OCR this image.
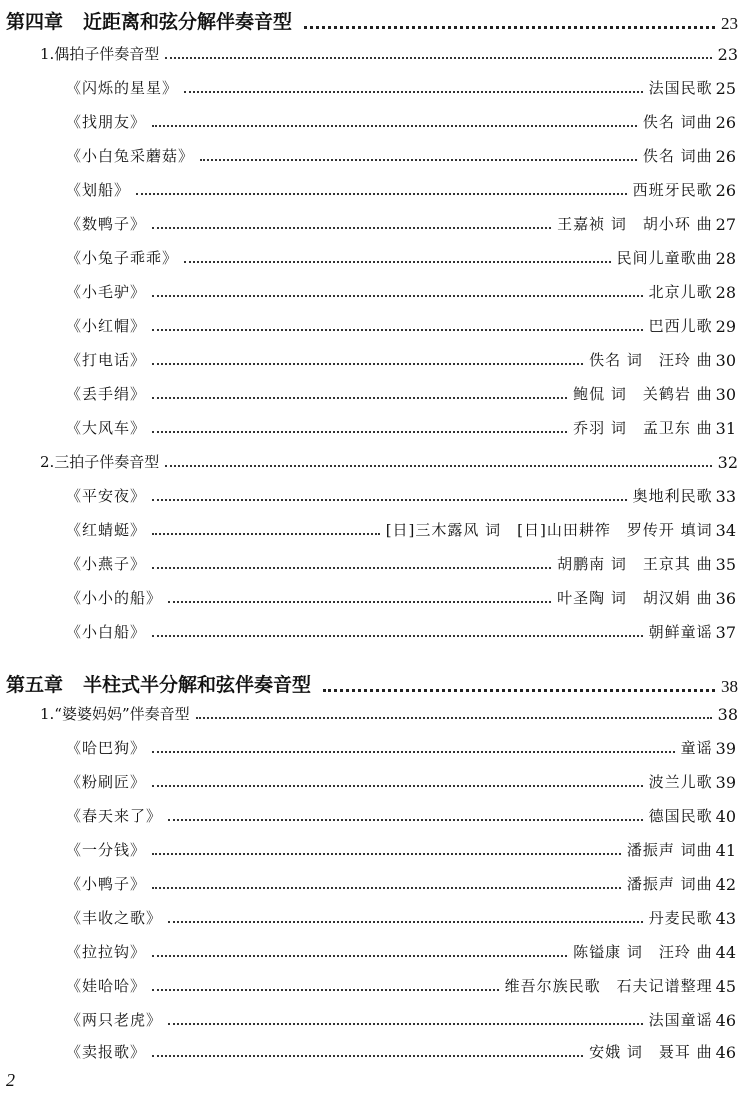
第四章 近距离和弦分解伴奏音型	23
1.偶拍子伴奏音型	23
《闪烁的星星》	法国民歌 25
《找朋友》	佚名 词曲 26
《小白兔采蘑菇》	佚名 词曲 26
《划船》	西班牙民歌 26
《数鸭子》	王嘉祯 词　胡小环 曲 27
《小兔子乖乖》	民间儿童歌曲 28
《小毛驴》	北京儿歌 28
《小红帽》	巴西儿歌 29
《打电话》	佚名 词　汪玲 曲 30
《丢手绢》	鲍侃 词　关鹤岩 曲 30
《大风车》	乔羽 词　孟卫东 曲 31
2.三拍子伴奏音型	32
《平安夜》	奥地利民歌 33
《红蜻蜓》	[日]三木露风 词　[日]山田耕筰　罗传开 填词 34
《小燕子》	胡鹏南 词　王京其 曲 35
《小小的船》	叶圣陶 词　胡汉娟 曲 36
《小白船》	朝鲜童谣 37
第五章 半柱式半分解和弦伴奏音型	38
1.“婆婆妈妈”伴奏音型	38
《哈巴狗》	童谣 39
《粉刷匠》	波兰儿歌 39
《春天来了》	德国民歌 40
《一分钱》	潘振声 词曲 41
《小鸭子》	潘振声 词曲 42
《丰收之歌》	丹麦民歌 43
《拉拉钩》	陈镒康 词　汪玲 曲 44
《娃哈哈》	维吾尔族民歌　石夫记谱整理 45
《两只老虎》	法国童谣 46
《卖报歌》	安娥 词　聂耳 曲 46
2
